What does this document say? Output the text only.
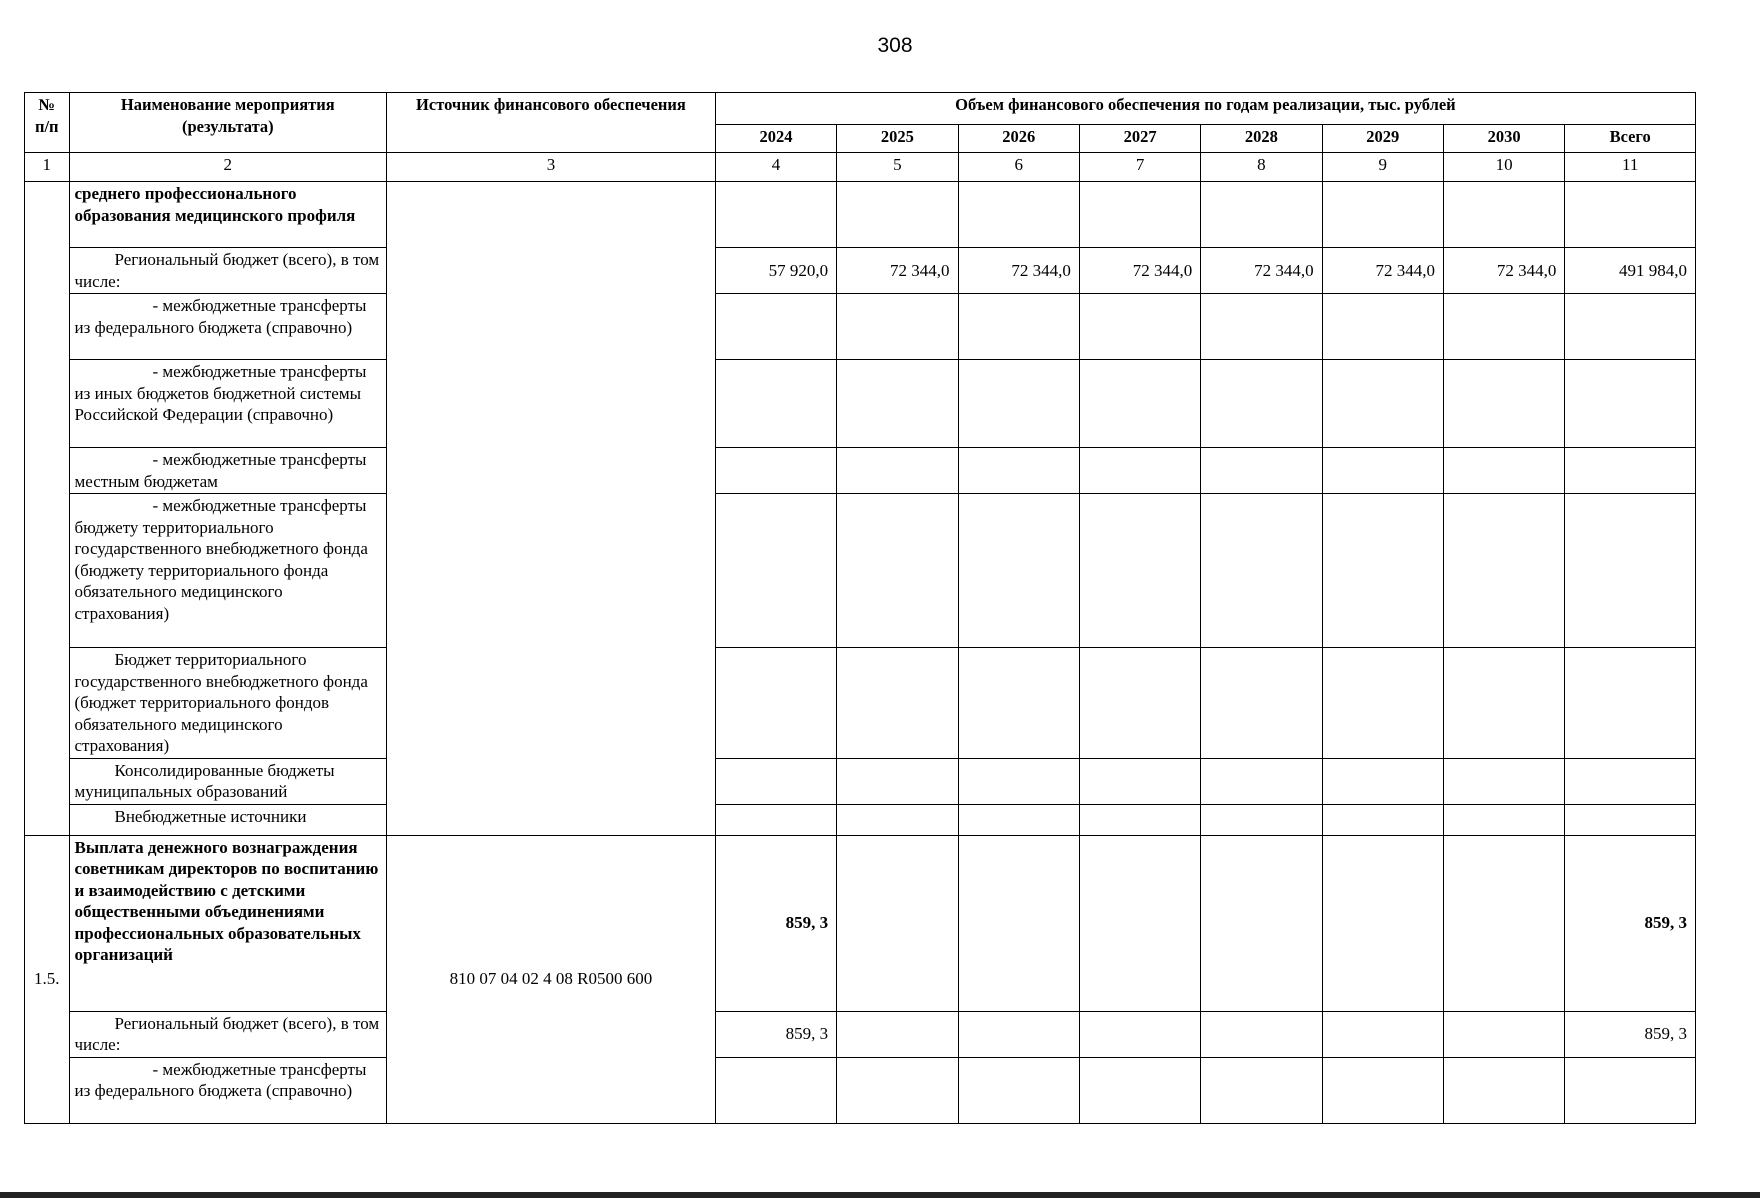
308
№
п/п	Наименование мероприятия (результата)	Источник финансового обеспечения	Объем финансового обеспечения по годам реализации, тыс. рублей							
			2024	2025	2026	2027	2028	2029	2030	Всего
1	2	3	4	5	6	7	8	9	10	11
	среднего профессионального образования медицинского профиля									
	Региональный бюджет (всего), в том числе:		57 920,0	72 344,0	72 344,0	72 344,0	72 344,0	72 344,0	72 344,0	491 984,0
	- межбюджетные трансферты из федерального бюджета (справочно)									
	- межбюджетные трансферты из иных бюджетов бюджетной системы Российской Федерации (справочно)									
	- межбюджетные трансферты местным бюджетам									
	- межбюджетные трансферты бюджету территориального государственного внебюджетного фонда (бюджету территориального фонда обязательного медицинского страхования)									
	Бюджет территориального государственного внебюджетного фонда (бюджет территориального фондов обязательного медицинского страхования)									
	Консолидированные бюджеты муниципальных образований									
	Внебюджетные источники									
1.5.	Выплата денежного вознаграждения советникам директоров по воспитанию и взаимодействию с детскими общественными объединениями профессиональных образовательных организаций	810 07 04 02 4 08 R0500 600	859, 3							859, 3
	Региональный бюджет (всего), в том числе:		859, 3							859, 3
	- межбюджетные трансферты из федерального бюджета (справочно)									
